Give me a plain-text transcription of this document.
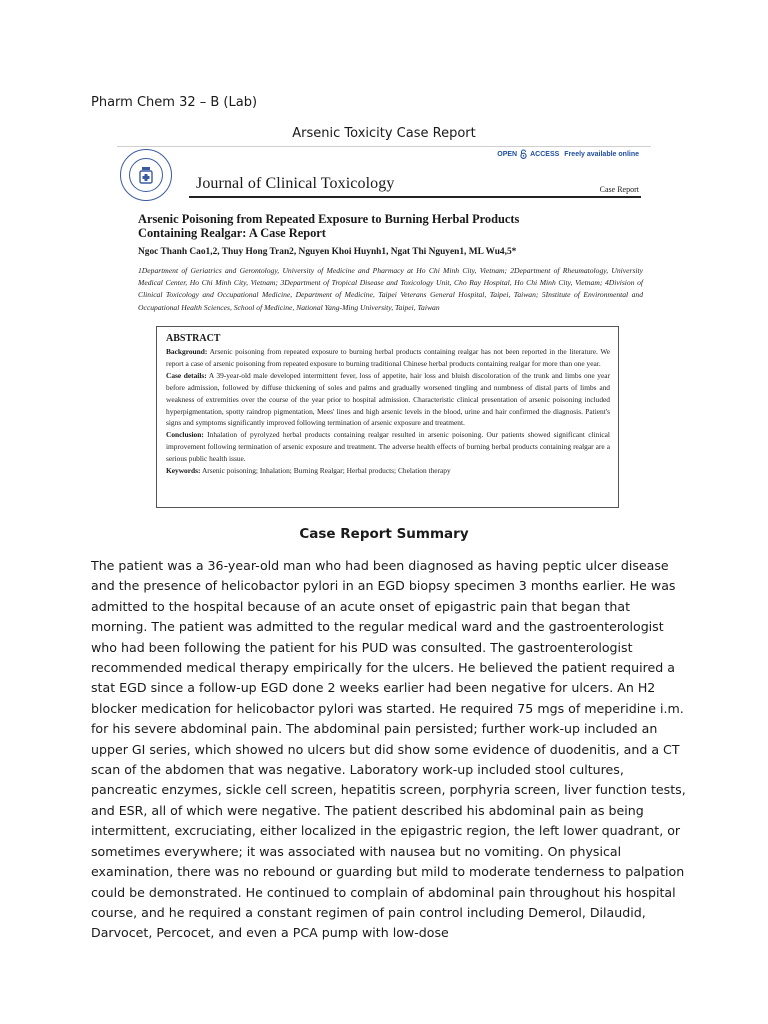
Pharm Chem 32 – B (Lab)
Arsenic Toxicity Case Report
Journal of Clinical Toxicology
OPEN ACCESS Freely available online
Case Report
Arsenic Poisoning from Repeated Exposure to Burning Herbal Products
Containing Realgar: A Case Report
Ngoc Thanh Cao1,2, Thuy Hong Tran2, Nguyen Khoi Huynh1, Ngat Thi Nguyen1, ML Wu4,5*
1Department of Geriatrics and Gerontology, University of Medicine and Pharmacy at Ho Chi Minh City, Vietnam; 2Department of Rheumatology, University Medical Center, Ho Chi Minh City, Vietnam; 3Department of Tropical Disease and Toxicology Unit, Cho Ray Hospital, Ho Chi Minh City, Vietnam; 4Division of Clinical Toxicology and Occupational Medicine, Department of Medicine, Taipei Veterans General Hospital, Taipei, Taiwan; 5Institute of Environmental and Occupational Health Sciences, School of Medicine, National Yang-Ming University, Taipei, Taiwan
ABSTRACT

Background: Arsenic poisoning from repeated exposure to burning herbal products containing realgar has not been reported in the literature. We report a case of arsenic poisoning from repeated exposure to burning traditional Chinese herbal products containing realgar for more than one year.

Case details: A 39-year-old male developed intermittent fever, loss of appetite, hair loss and bluish discoloration of the trunk and limbs one year before admission, followed by diffuse thickening of soles and palms and gradually worsened tingling and numbness of distal parts of limbs and weakness of extremities over the course of the year prior to hospital admission. Characteristic clinical presentation of arsenic poisoning included hyperpigmentation, spotty raindrop pigmentation, Mees' lines and high arsenic levels in the blood, urine and hair confirmed the diagnosis. Patient's signs and symptoms significantly improved following termination of arsenic exposure and treatment.

Conclusion: Inhalation of pyrolyzed herbal products containing realgar resulted in arsenic poisoning. Our patients showed significant clinical improvement following termination of arsenic exposure and treatment. The adverse health effects of burning herbal products containing realgar are a serious public health issue.

Keywords: Arsenic poisoning; Inhalation; Burning Realgar; Herbal products; Chelation therapy

Case Report Summary

The patient was a 36-year-old man who had been diagnosed as having peptic ulcer disease and the presence of helicobactor pylori in an EGD biopsy specimen 3 months earlier. He was admitted to the hospital because of an acute onset of epigastric pain that began that morning. The patient was admitted to the regular medical ward and the gastroenterologist who had been following the patient for his PUD was consulted. The gastroenterologist recommended medical therapy empirically for the ulcers. He believed the patient required a stat EGD since a follow-up EGD done 2 weeks earlier had been negative for ulcers. An H2 blocker medication for helicobactor pylori was started. He required 75 mgs of meperidine i.m. for his severe abdominal pain. The abdominal pain persisted; further work-up included an upper GI series, which showed no ulcers but did show some evidence of duodenitis, and a CT scan of the abdomen that was negative. Laboratory work-up included stool cultures, pancreatic enzymes, sickle cell screen, hepatitis screen, porphyria screen, liver function tests, and ESR, all of which were negative. The patient described his abdominal pain as being intermittent, excruciating, either localized in the epigastric region, the left lower quadrant, or sometimes everywhere; it was associated with nausea but no vomiting. On physical examination, there was no rebound or guarding but mild to moderate tenderness to palpation could be demonstrated. He continued to complain of abdominal pain throughout his hospital course, and he required a constant regimen of pain control including Demerol, Dilaudid, Darvocet, Percocet, and even a PCA pump with low-dose
